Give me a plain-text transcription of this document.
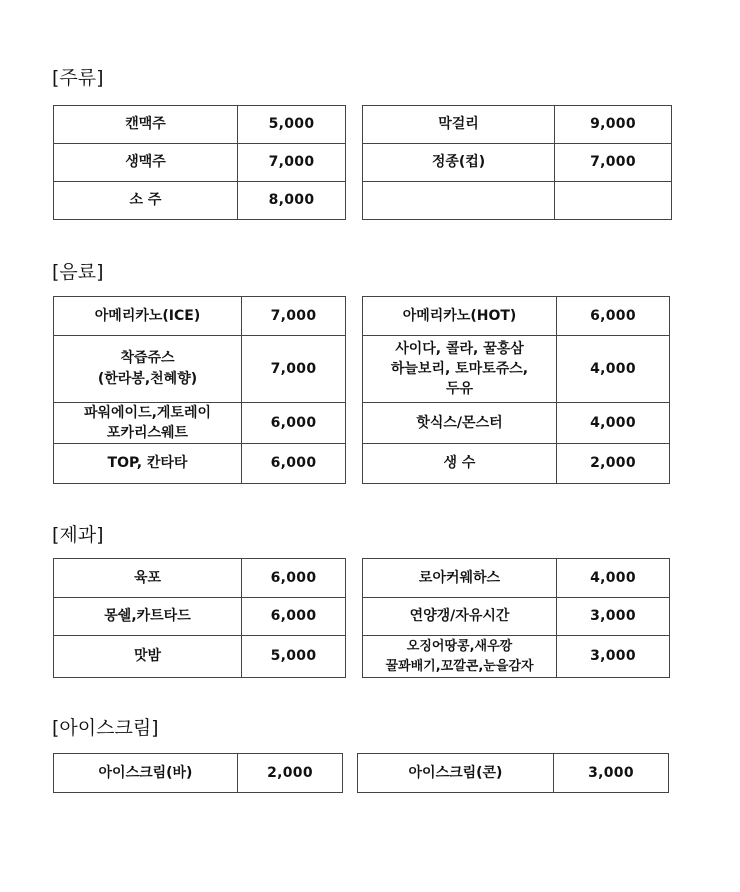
[주류]
캔맥주	5,000
생맥주	7,000
소 주	8,000
막걸리	9,000
정종(컵)	7,000

[음료]
아메리카노(ICE)	7,000
착즙쥬스
(한라봉,천혜향)	7,000
파워에이드,게토레이
포카리스웨트	6,000
TOP, 칸타타	6,000
아메리카노(HOT)	6,000
사이다, 콜라, 꿀홍삼
하늘보리, 토마토쥬스,
두유	4,000
핫식스/몬스터	4,000
생 수	2,000
[제과]
육포	6,000
몽쉘,카트타드	6,000
맛밤	5,000
로아커웨하스	4,000
연양갱/자유시간	3,000
오징어땅콩,새우깡
꿀꽈배기,꼬깔콘,눈을감자	3,000
[아이스크림]
아이스크림(바)	2,000	아이스크림(콘)	3,000
